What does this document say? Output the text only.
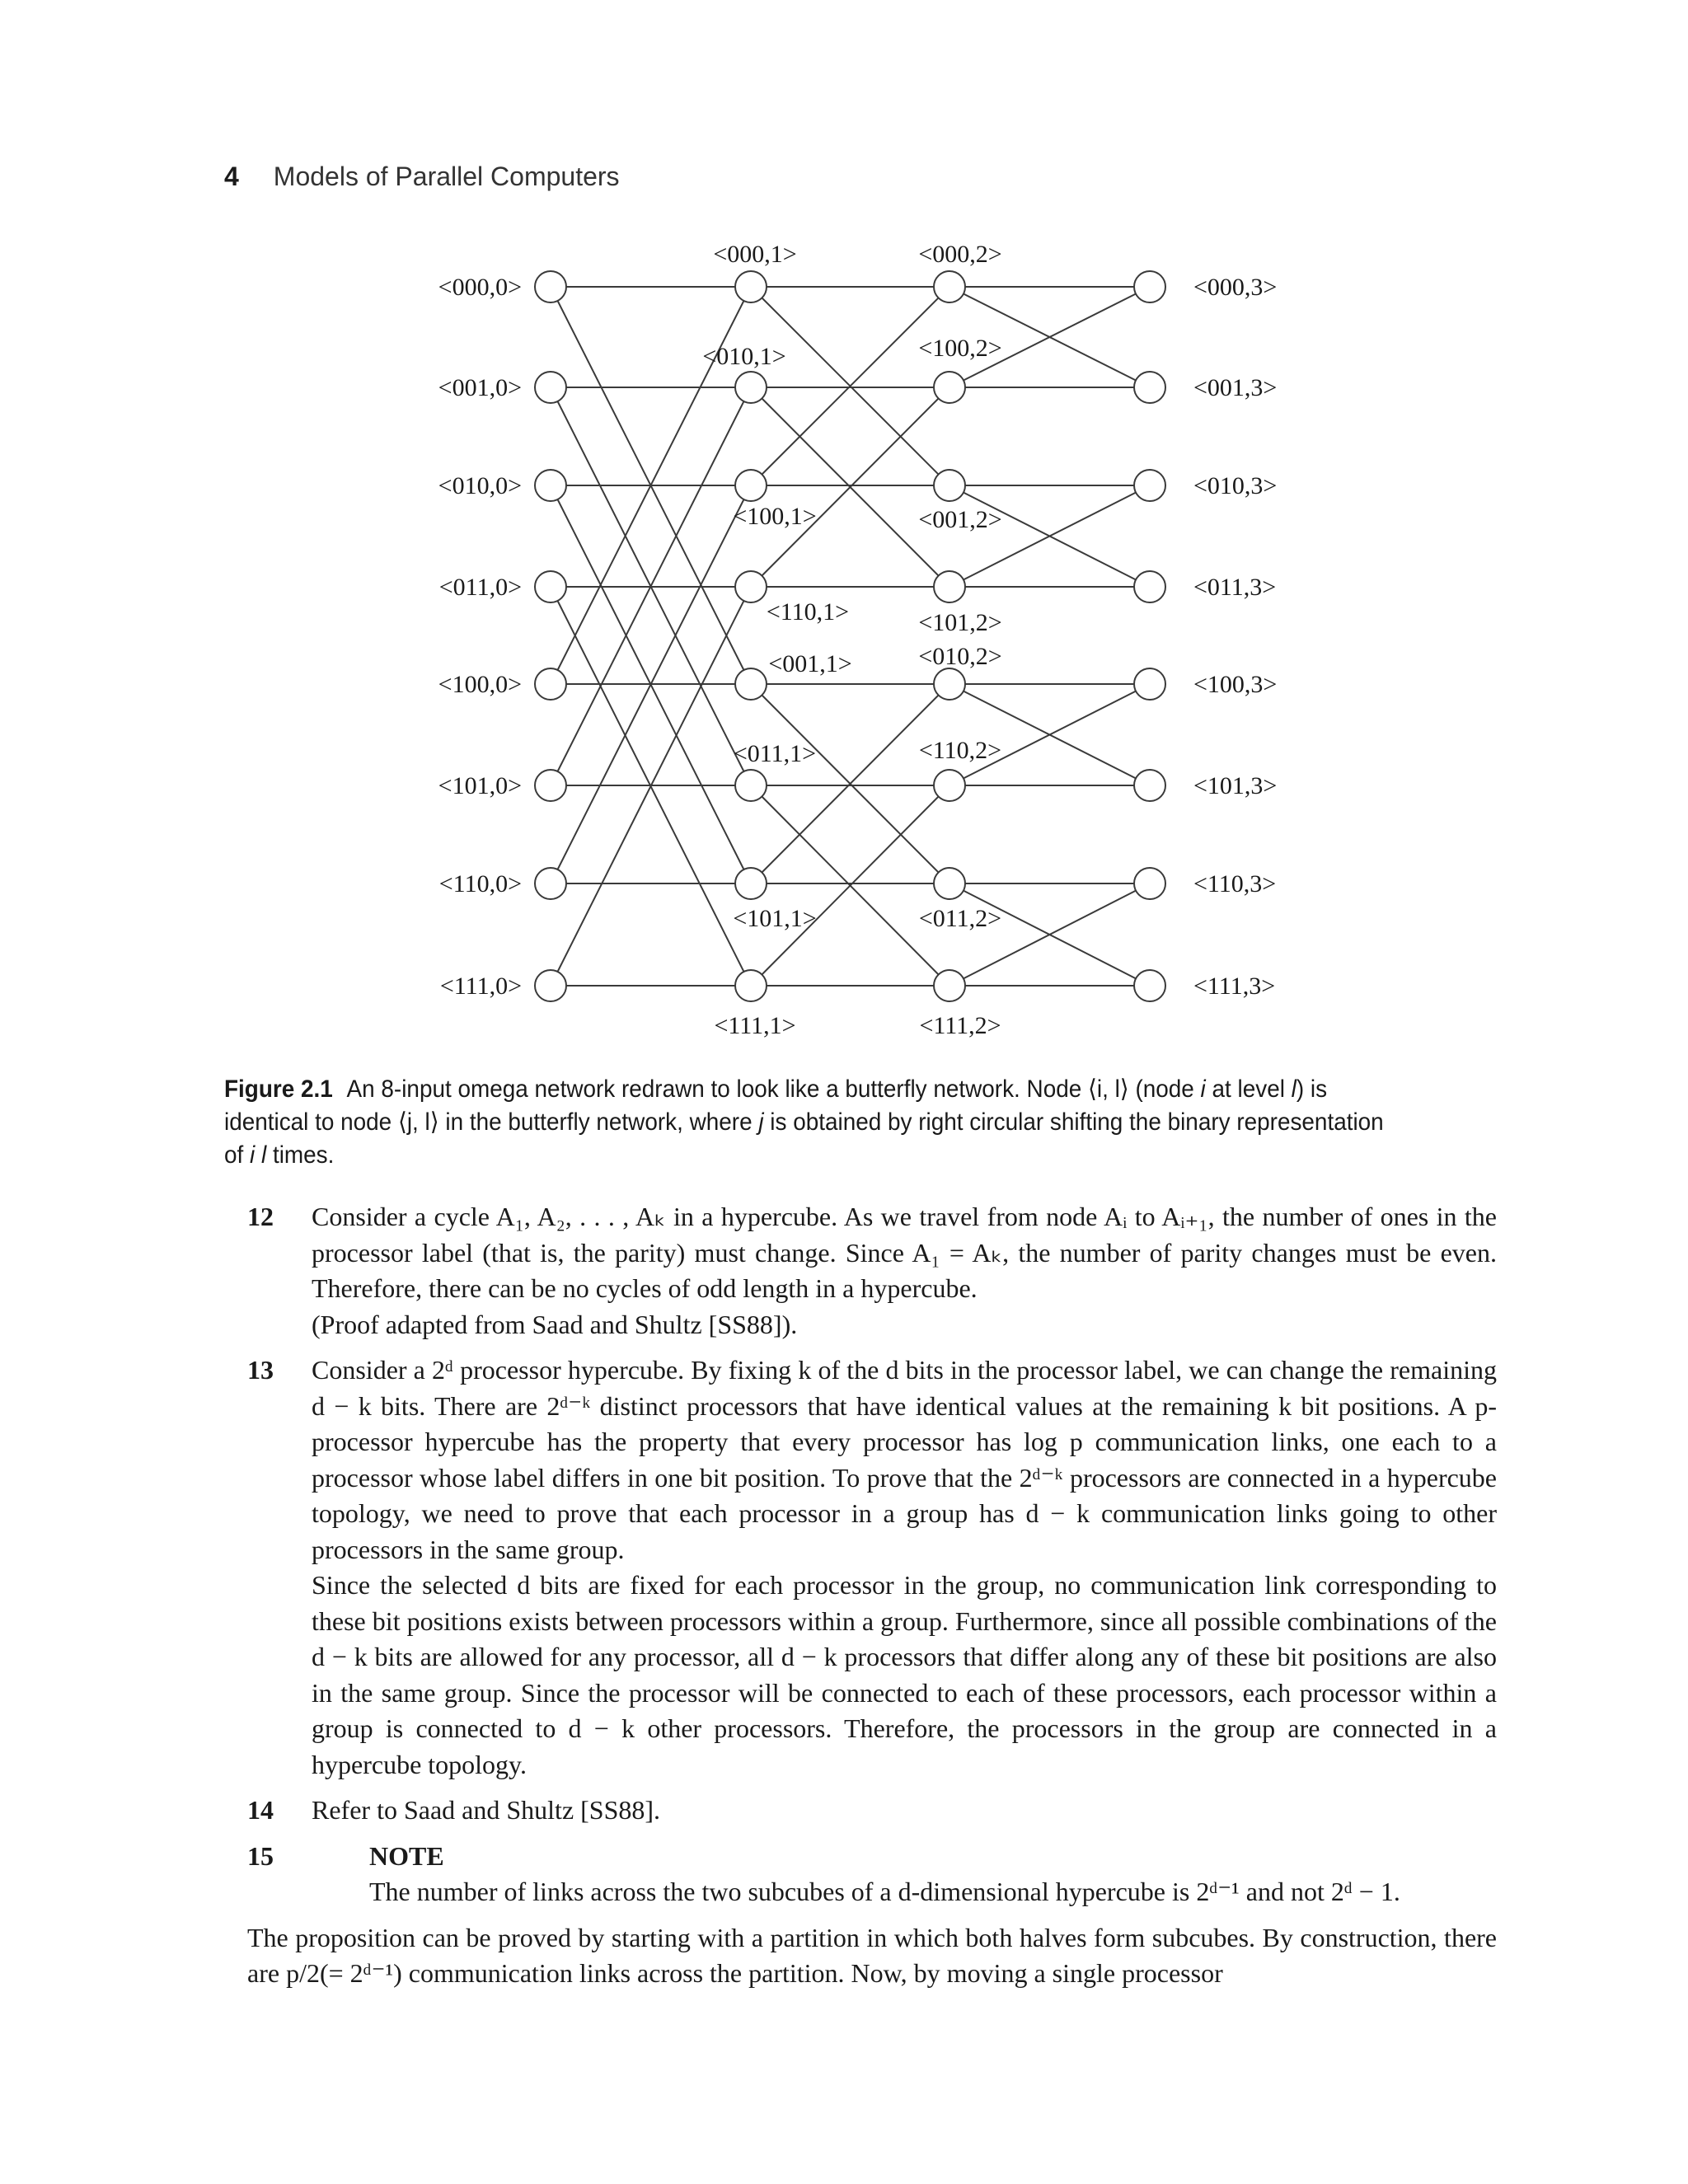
4 Models of Parallel Computers
<000,0>
<001,0>
<010,0>
<011,0>
<100,0>
<101,0>
<110,0>
<111,0>
<000,3>
<001,3>
<010,3>
<011,3>
<100,3>
<101,3>
<110,3>
<111,3>
<000,1>
<010,1>
<100,1>
<110,1>
<001,1>
<011,1>
<101,1>
<111,1>
<000,2>
<100,2>
<001,2>
<101,2>
<010,2>
<110,2>
<011,2>
<111,2>
Figure 2.1 An 8-input omega network redrawn to look like a butterfly network. Node ⟨i, l⟩ (node i at level l) is identical to node ⟨j, l⟩ in the butterfly network, where j is obtained by right circular shifting the binary representation of i l times.
12 Consider a cycle A₁, A₂, . . . , Aₖ in a hypercube. As we travel from node Aᵢ to Aᵢ₊₁, the number of ones in the processor label (that is, the parity) must change. Since A₁ = Aₖ, the number of parity changes must be even. Therefore, there can be no cycles of odd length in a hypercube.

(Proof adapted from Saad and Shultz [SS88]).

13 Consider a 2ᵈ processor hypercube. By fixing k of the d bits in the processor label, we can change the remaining d − k bits. There are 2ᵈ⁻ᵏ distinct processors that have identical values at the remaining k bit positions. A p-processor hypercube has the property that every processor has log p communication links, one each to a processor whose label differs in one bit position. To prove that the 2ᵈ⁻ᵏ processors are connected in a hypercube topology, we need to prove that each processor in a group has d − k communication links going to other processors in the same group.

Since the selected d bits are fixed for each processor in the group, no communication link corresponding to these bit positions exists between processors within a group. Furthermore, since all possible combinations of the d − k bits are allowed for any processor, all d − k processors that differ along any of these bit positions are also in the same group. Since the processor will be connected to each of these processors, each processor within a group is connected to d − k other processors. Therefore, the processors in the group are connected in a hypercube topology.

14 Refer to Saad and Shultz [SS88].

15	NOTE

The number of links across the two subcubes of a d-dimensional hypercube is 2ᵈ⁻¹ and not 2ᵈ − 1.

The proposition can be proved by starting with a partition in which both halves form subcubes. By construction, there are p/2(= 2ᵈ⁻¹) communication links across the partition. Now, by moving a single processor
